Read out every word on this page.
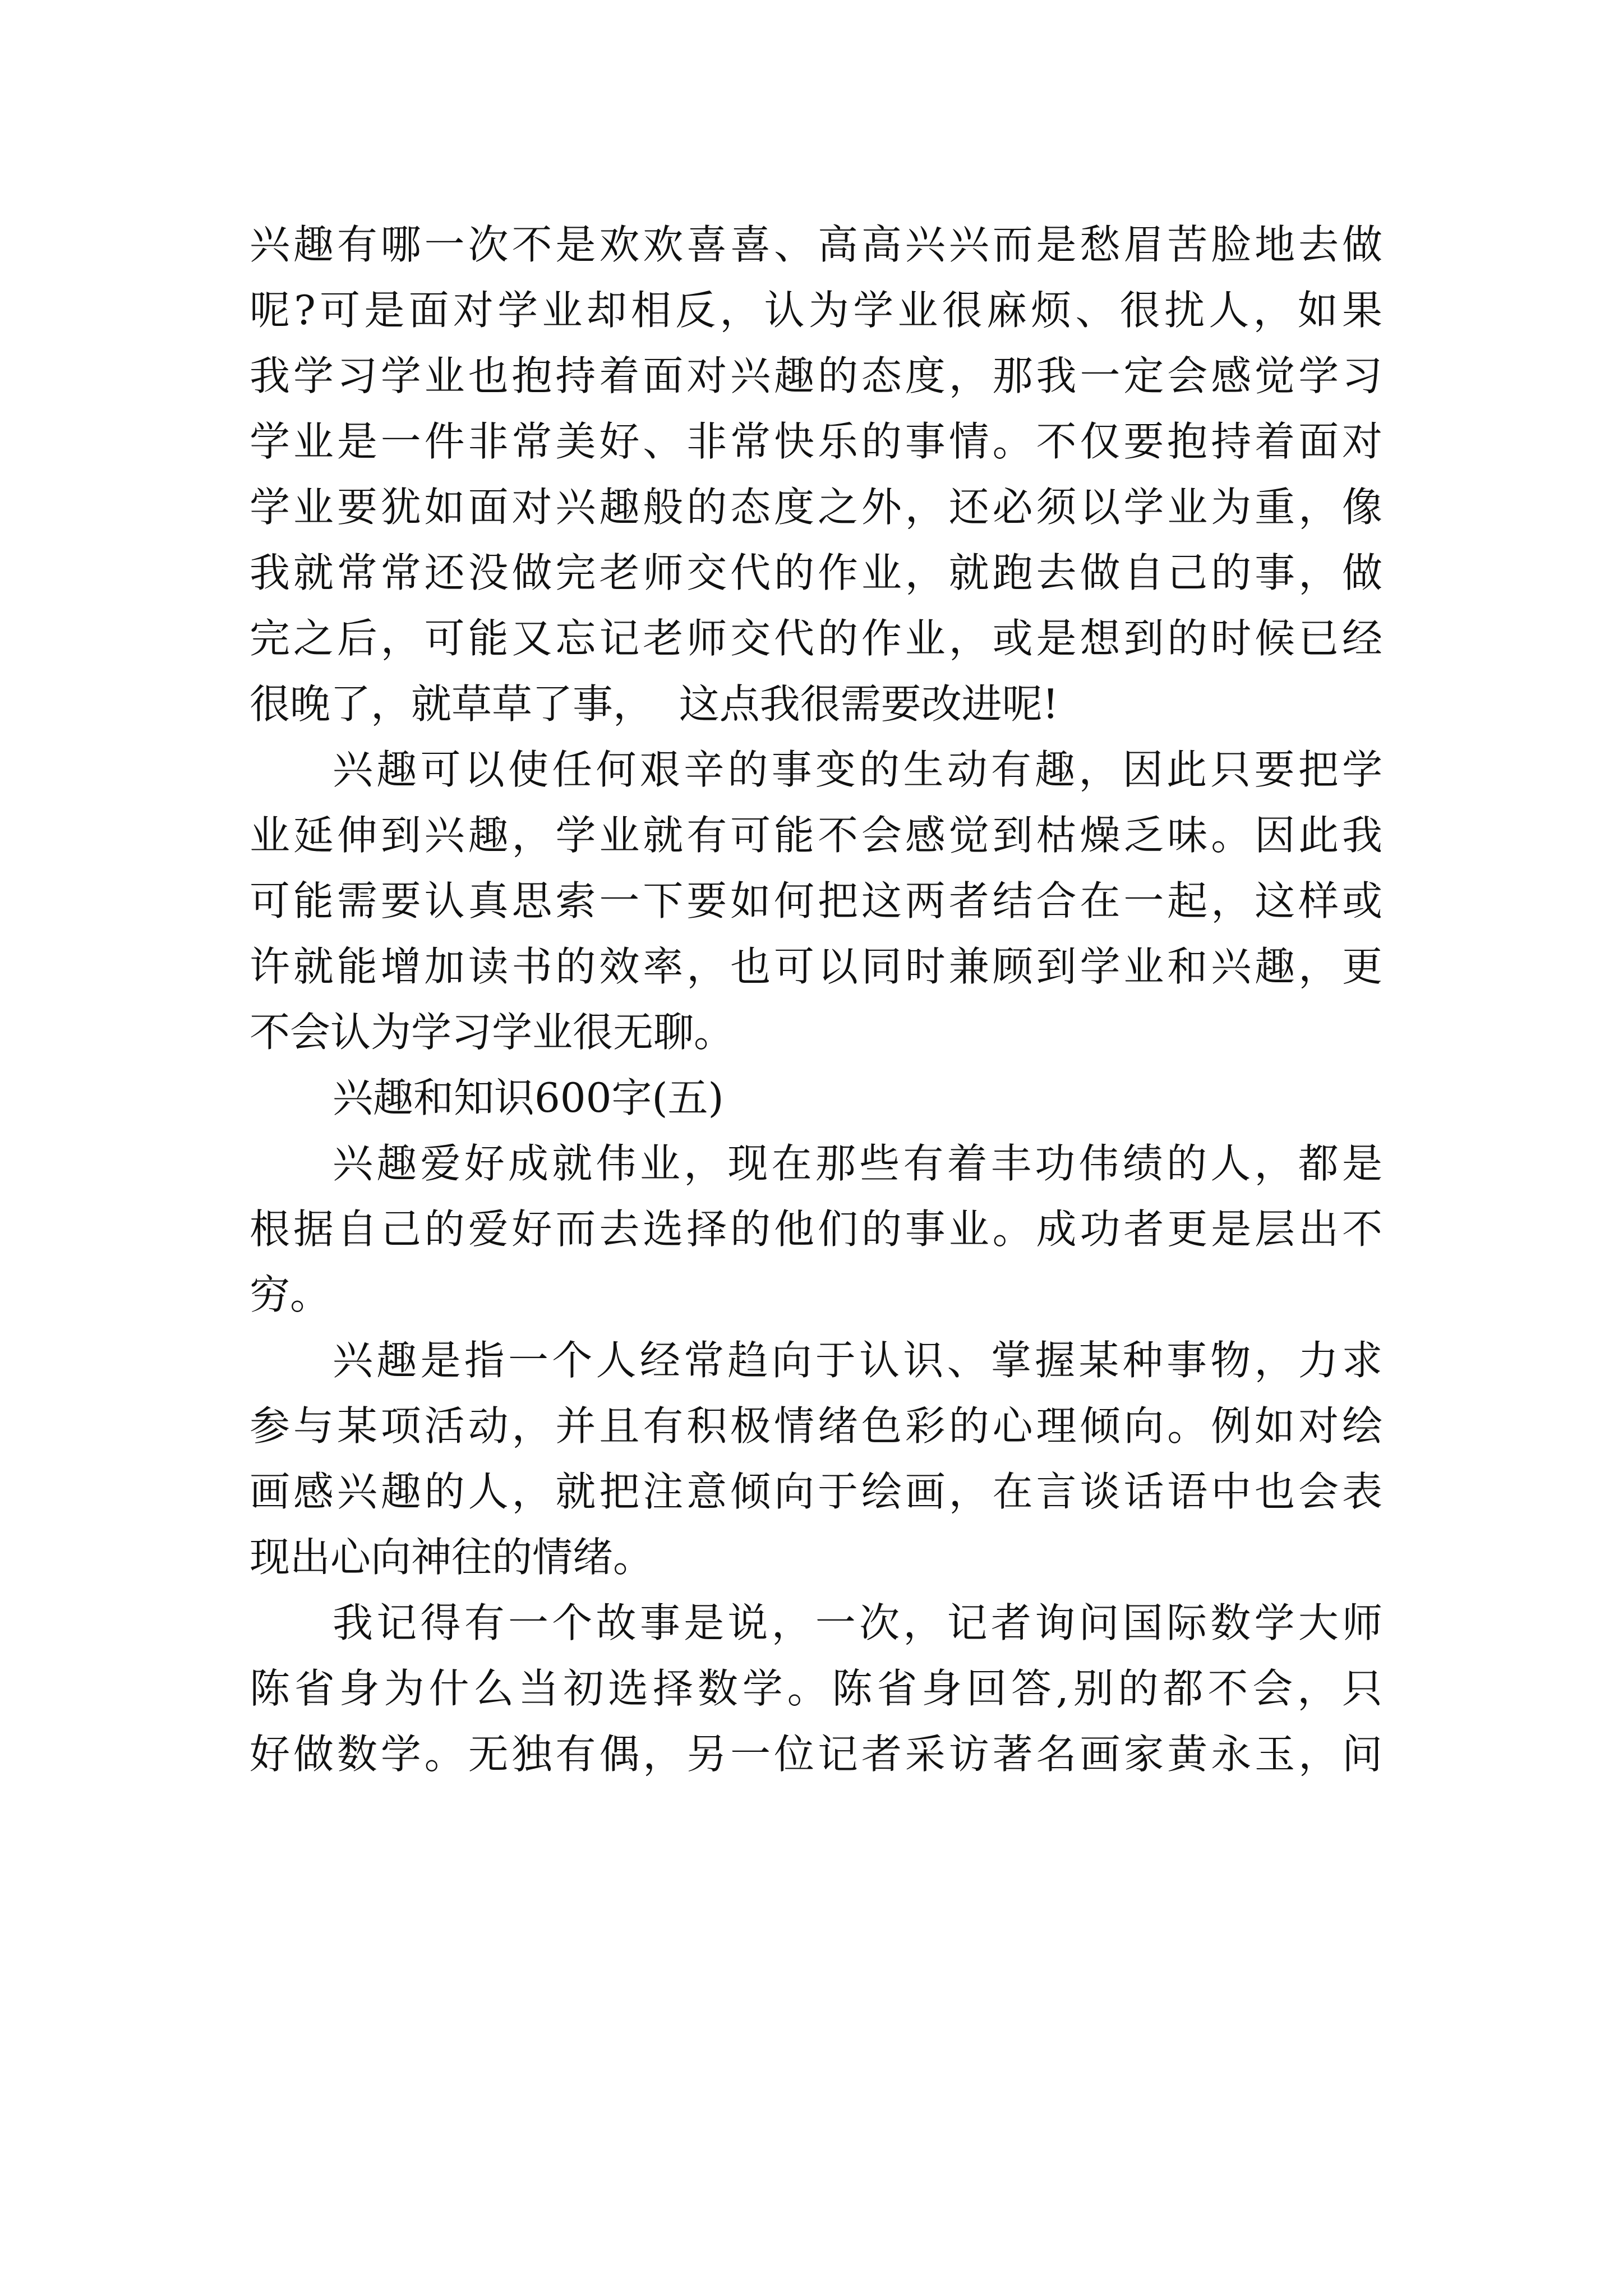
兴趣有哪一次不是欢欢喜喜、高高兴兴而是愁眉苦脸地去做
呢?可是面对学业却相反，认为学业很麻烦、很扰人，如果
我学习学业也抱持着面对兴趣的态度，那我一定会感觉学习
学业是一件非常美好、非常快乐的事情。不仅要抱持着面对
学业要犹如面对兴趣般的态度之外，还必须以学业为重，像
我就常常还没做完老师交代的作业，就跑去做自己的事，做
完之后，可能又忘记老师交代的作业，或是想到的时候已经
很晚了，就草草了事，  这点我很需要改进呢!
兴趣可以使任何艰辛的事变的生动有趣，因此只要把学
业延伸到兴趣，学业就有可能不会感觉到枯燥乏味。因此我
可能需要认真思索一下要如何把这两者结合在一起，这样或
许就能增加读书的效率，也可以同时兼顾到学业和兴趣，更
不会认为学习学业很无聊。
兴趣和知识600字(五)
兴趣爱好成就伟业，现在那些有着丰功伟绩的人，都是
根据自己的爱好而去选择的他们的事业。成功者更是层出不
穷。
兴趣是指一个人经常趋向于认识、掌握某种事物，力求
参与某项活动，并且有积极情绪色彩的心理倾向。例如对绘
画感兴趣的人，就把注意倾向于绘画，在言谈话语中也会表
现出心向神往的情绪。
我记得有一个故事是说，一次，记者询问国际数学大师
陈省身为什么当初选择数学。陈省身回答,别的都不会，只
好做数学。无独有偶，另一位记者采访著名画家黄永玉，问
